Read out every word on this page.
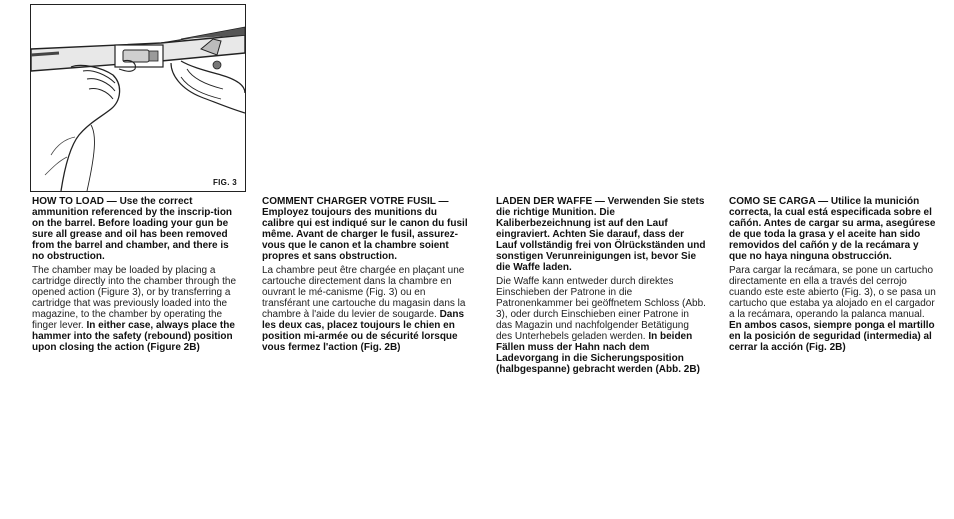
FIG. 3

HOW TO LOAD — Use the correct ammunition referenced by the inscrip-tion on the barrel. Before loading your gun be sure all grease and oil has been removed from the barrel and chamber, and there is no obstruction.

The chamber may be loaded by placing a cartridge directly into the chamber through the opened action (Figure 3), or by transferring a cartridge that was previously loaded into the magazine, to the chamber by operating the finger lever. In either case, always place the hammer into the safety (rebound) position upon closing the action (Figure 2B)

COMMENT CHARGER VOTRE FUSIL — Employez toujours des munitions du calibre qui est indiqué sur le canon du fusil même. Avant de charger le fusil, assurez-vous que le canon et la chambre soient propres et sans obstruction.

La chambre peut être chargée en plaçant une cartouche directement dans la chambre en ouvrant le mé-canisme (Fig. 3) ou en transférant une cartouche du magasin dans la chambre à l'aide du levier de sougarde. Dans les deux cas, placez toujours le chien en position mi-armée ou de sécurité lorsque vous fermez l'action (Fig. 2B)

LADEN DER WAFFE — Verwenden Sie stets die richtige Munition. Die Kaliberbezeichnung ist auf den Lauf eingraviert. Achten Sie darauf, dass der Lauf vollständig frei von Ölrückständen und sonstigen Verunreinigungen ist, bevor Sie die Waffe laden.

Die Waffe kann entweder durch direktes Einschieben der Patrone in die Patronenkammer bei geöffnetem Schloss (Abb. 3), oder durch Einschieben einer Patrone in das Magazin und nachfolgender Betätigung des Unterhebels geladen werden. In beiden Fällen muss der Hahn nach dem Ladevorgang in die Sicherungsposition (halbgespanne) gebracht werden (Abb. 2B)

COMO SE CARGA — Utilice la munición correcta, la cual está especificada sobre el cañón. Antes de cargar su arma, asegúrese de que toda la grasa y el aceite han sido removidos del cañón y de la recámara y que no haya ninguna obstrucción.

Para cargar la recámara, se pone un cartucho directamente en ella a través del cerrojo cuando este este abierto (Fig. 3), o se pasa un cartucho que estaba ya alojado en el cargador a la recámara, operando la palanca manual. En ambos casos, siempre ponga el martillo en la posición de seguridad (intermedia) al cerrar la acción (Fig. 2B)
